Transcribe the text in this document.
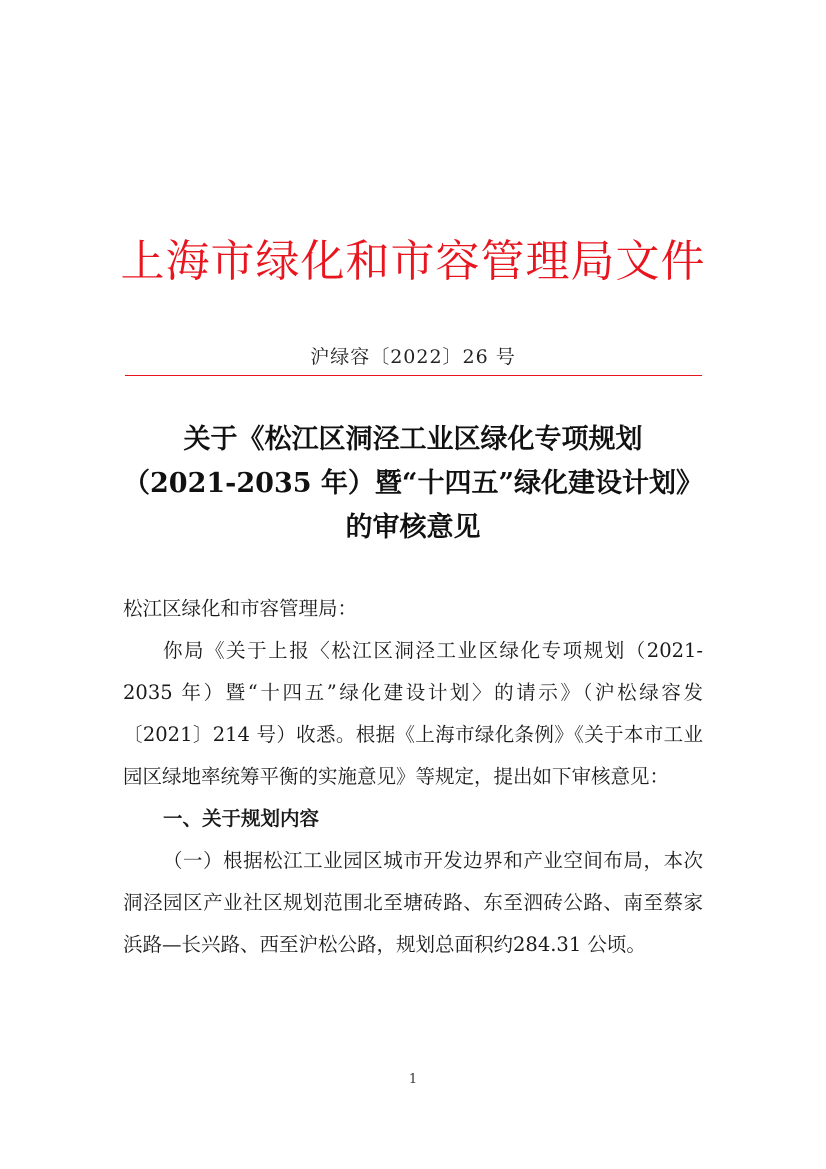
上海市绿化和市容管理局文件
沪绿容〔2022〕26 号
关于《松江区洞泾工业区绿化专项规划
（2021-2035 年）暨“十四五”绿化建设计划》
的审核意见

松江区绿化和市容管理局：

你局《关于上报〈松江区洞泾工业区绿化专项规划（2021-2035 年）暨“十四五”绿化建设计划〉的请示》（沪松绿容发〔2021〕214 号）收悉。根据《上海市绿化条例》《关于本市工业园区绿地率统筹平衡的实施意见》等规定，提出如下审核意见：

一、关于规划内容

（一）根据松江工业园区城市开发边界和产业空间布局，本次洞泾园区产业社区规划范围北至塘砖路、东至泗砖公路、南至蔡家浜路—长兴路、西至沪松公路，规划总面积约284.31 公顷。

1
